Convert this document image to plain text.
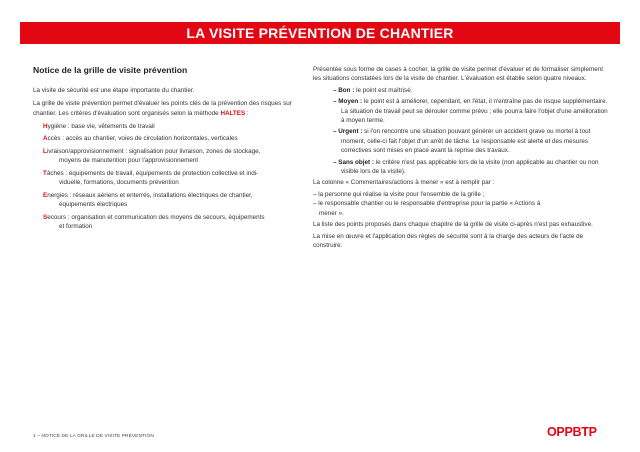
LA VISITE PRÉVENTION DE CHANTIER
Notice de la grille de visite prévention

La visite de sécurité est une étape importante du chantier.

La grille de visite prévention permet d'évaluer les points clés de la prévention des risques sur chantier. Les critères d'évaluation sont organisés selon la méthode HALTES :

Hygiène : base vie, vêtements de travail
Accès : accès au chantier, voies de circulation horizontales, verticales
Livraison/approvisionnement : signalisation pour livraison, zones de stockage,
moyens de manutention pour l'approvisionnement
Tâches : équipements de travail, équipements de protection collective et indi-
viduelle, formations, documents prévention
Energies : réseaux aériens et enterrés, installations électriques de chantier,
équipements électriques
Secours : organisation et communication des moyens de secours, équipements
et formation

Présentée sous forme de cases à cocher, la grille de visite permet d'évaluer et de formaliser simplement les situations constatées lors de la visite de chantier. L'évaluation est établie selon quatre niveaux.

– Bon : le point est maîtrisé.
– Moyen : le point est à améliorer, cependant, en l'état, il n'entraîne pas de risque supplémentaire. La situation de travail peut se dérouler comme prévu ; elle pourra faire l'objet d'une amélioration à moyen terme.
– Urgent : si l'on rencontre une situation pouvant générer un accident grave ou mortel à tout moment, celle-ci fait l'objet d'un arrêt de tâche. Le responsable est alerté et des mesures correctives sont mises en place avant la reprise des travaux.
– Sans objet : le critère n'est pas applicable lors de la visite (non applicable au chantier ou non visible lors de la visite).

La colonne « Commentaires/actions à mener » est à remplir par :

– la personne qui réalise la visite pour l'ensemble de la grille ;
– le responsable chantier ou le responsable d'entreprise pour la partie « Actions à
mener ».

La liste des points proposés dans chaque chapitre de la grille de visite ci-après n'est pas exhaustive.

La mise en œuvre et l'application des règles de sécurité sont à la charge des acteurs de l'acte de construire.

1 – NOTICE DE LA GRILLE DE VISITE PRÉVENTION	OPPBTP
